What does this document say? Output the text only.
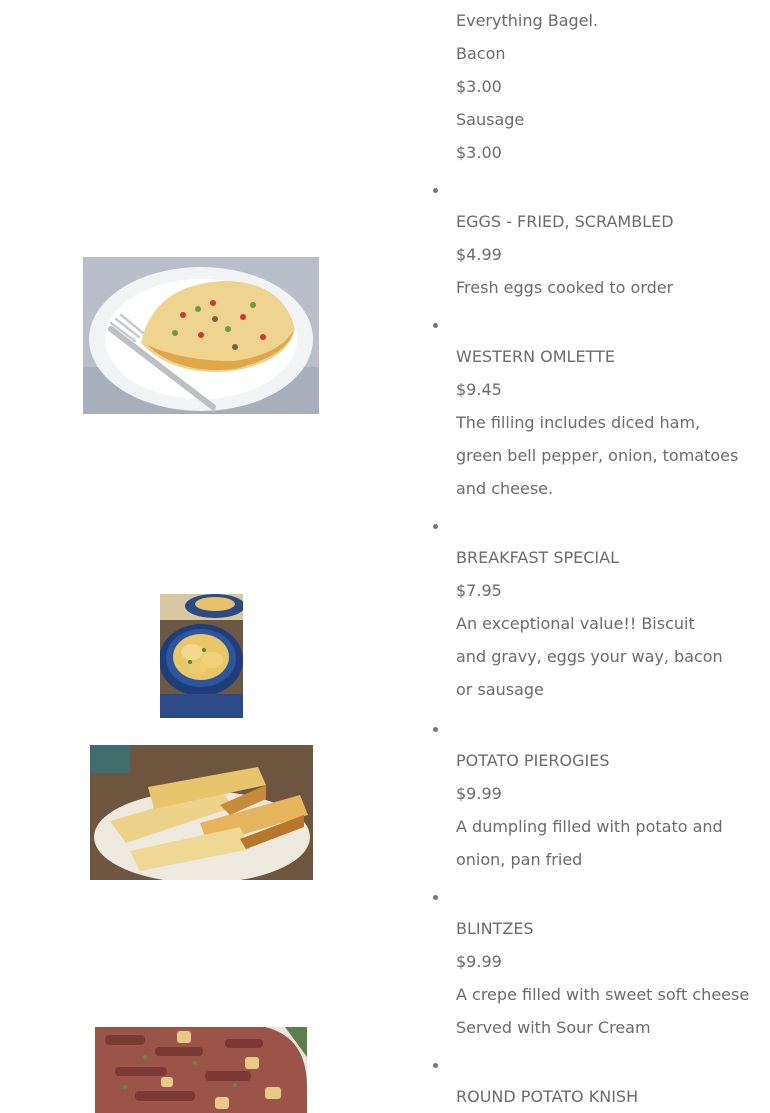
Everything Bagel.
Bacon
$3.00
Sausage
$3.00
EGGS - FRIED, SCRAMBLED
$4.99
Fresh eggs cooked to order
WESTERN OMLETTE
$9.45
The filling includes diced ham, green bell pepper, onion, tomatoes and cheese.
BREAKFAST SPECIAL
$7.95
An exceptional value!! Biscuit and gravy, eggs your way, bacon or sausage
POTATO PIEROGIES
$9.99
A dumpling filled with potato and onion, pan fried
BLINTZES
$9.99
A crepe filled with sweet soft cheese Served with Sour Cream
ROUND POTATO KNISH
